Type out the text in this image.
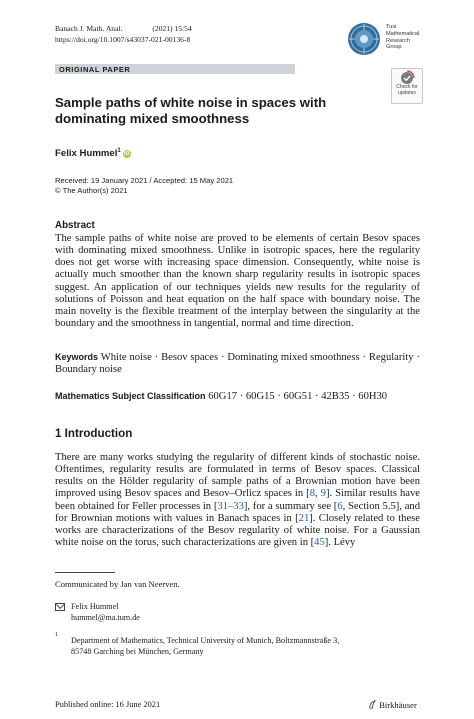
Banach J. Math. Anal.	(2021) 15:54
https://doi.org/10.1007/s43037-021-00136-8
Tusi
Mathematical
Research
Group
ORIGINAL PAPER
Check for
updates
Sample paths of white noise in spaces with dominating mixed smoothness
Felix Hummel$^1$iD
Received: 19 January 2021 / Accepted: 15 May 2021
© The Author(s) 2021
Abstract
The sample paths of white noise are proved to be elements of certain Besov spaces with dominating mixed smoothness. Unlike in isotropic spaces, here the regularity does not get worse with increasing space dimension. Consequently, white noise is actually much smoother than the known sharp regularity results in isotropic spaces suggest. An application of our techniques yields new results for the regularity of solutions of Poisson and heat equation on the half space with boundary noise. The main novelty is the flexible treatment of the interplay between the singularity at the boundary and the smoothness in tangential, normal and time direction.
Keywords White noise · Besov spaces · Dominating mixed smoothness · Regularity · Boundary noise
Mathematics Subject Classification 60G17 · 60G15 · 60G51 · 42B35 · 60H30
1 Introduction
There are many works studying the regularity of different kinds of stochastic noise. Oftentimes, regularity results are formulated in terms of Besov spaces. Classical results on the Hölder regularity of sample paths of a Brownian motion have been improved using Besov spaces and Besov–Orlicz spaces in [8, 9]. Similar results have been obtained for Feller processes in [31–33], for a summary see [6, Section 5.5], and for Brownian motions with values in Banach spaces in [21]. Closely related to these works are characterizations of the Besov regularity of white noise. For a Gaussian white noise on the torus, such characterizations are given in [45]. Lévy
Communicated by Jan van Neerven.
Felix Hummel
hummel@ma.tum.de
1
Department of Mathematics, Technical University of Munich, Boltzmannstraße 3,
85748 Garching bei München, Germany
Published online: 16 June 2021	Birkhäuser
